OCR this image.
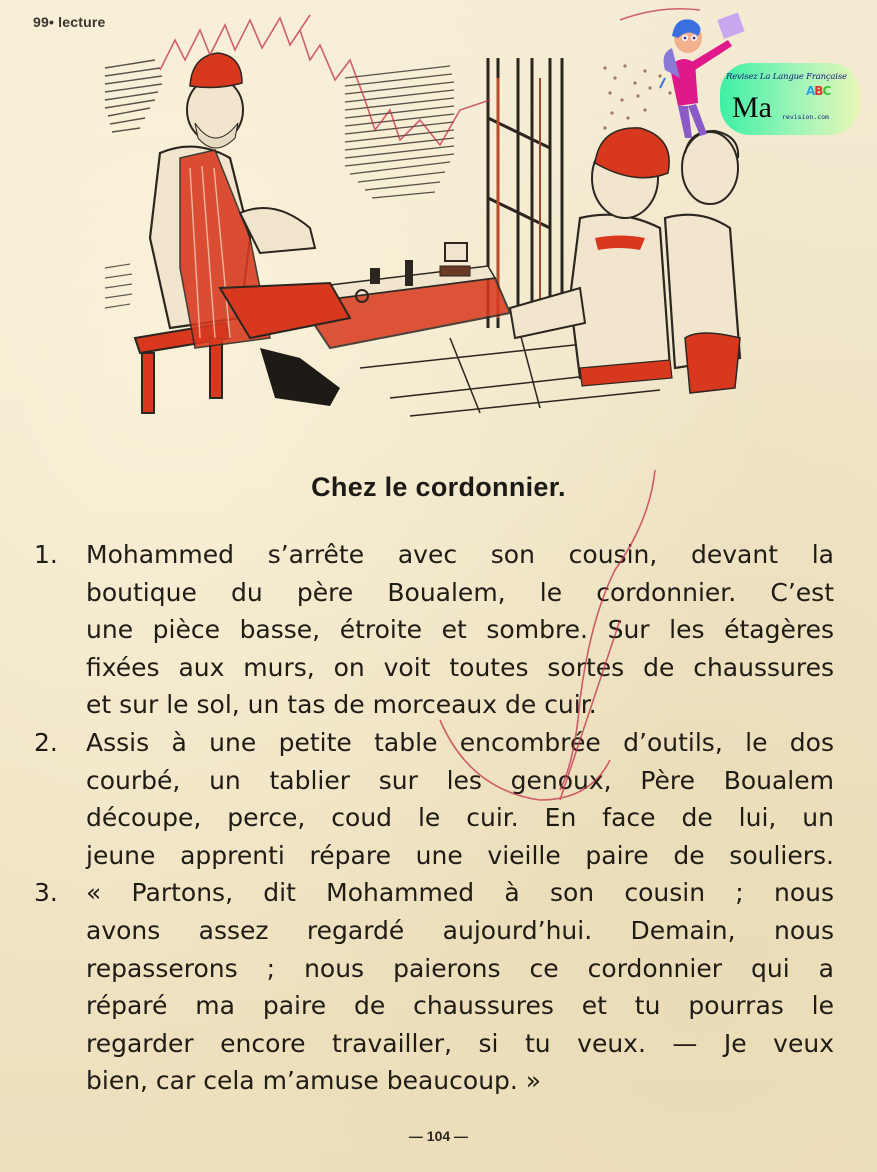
99• lecture
Revisez La Langue Française
Ma	ABC
revision.com
Chez le cordonnier.
1. Mohammed s’arrête avec son cousin, devant la
boutique du père Boualem, le cordonnier. C’est
une pièce basse, étroite et sombre. Sur les étagères
fixées aux murs, on voit toutes sortes de chaussures
et sur le sol, un tas de morceaux de cuir.
2. Assis à une petite table encombrée d’outils, le dos
courbé, un tablier sur les genoux, Père Boualem
découpe, perce, coud le cuir. En face de lui, un
jeune apprenti répare une vieille paire de souliers.
3. « Partons, dit Mohammed à son cousin ; nous
avons assez regardé aujourd’hui. Demain, nous
repasserons ; nous paierons ce cordonnier qui a
réparé ma paire de chaussures et tu pourras le
regarder encore travailler, si tu veux. — Je veux
bien, car cela m’amuse beaucoup. »
— 104 —
